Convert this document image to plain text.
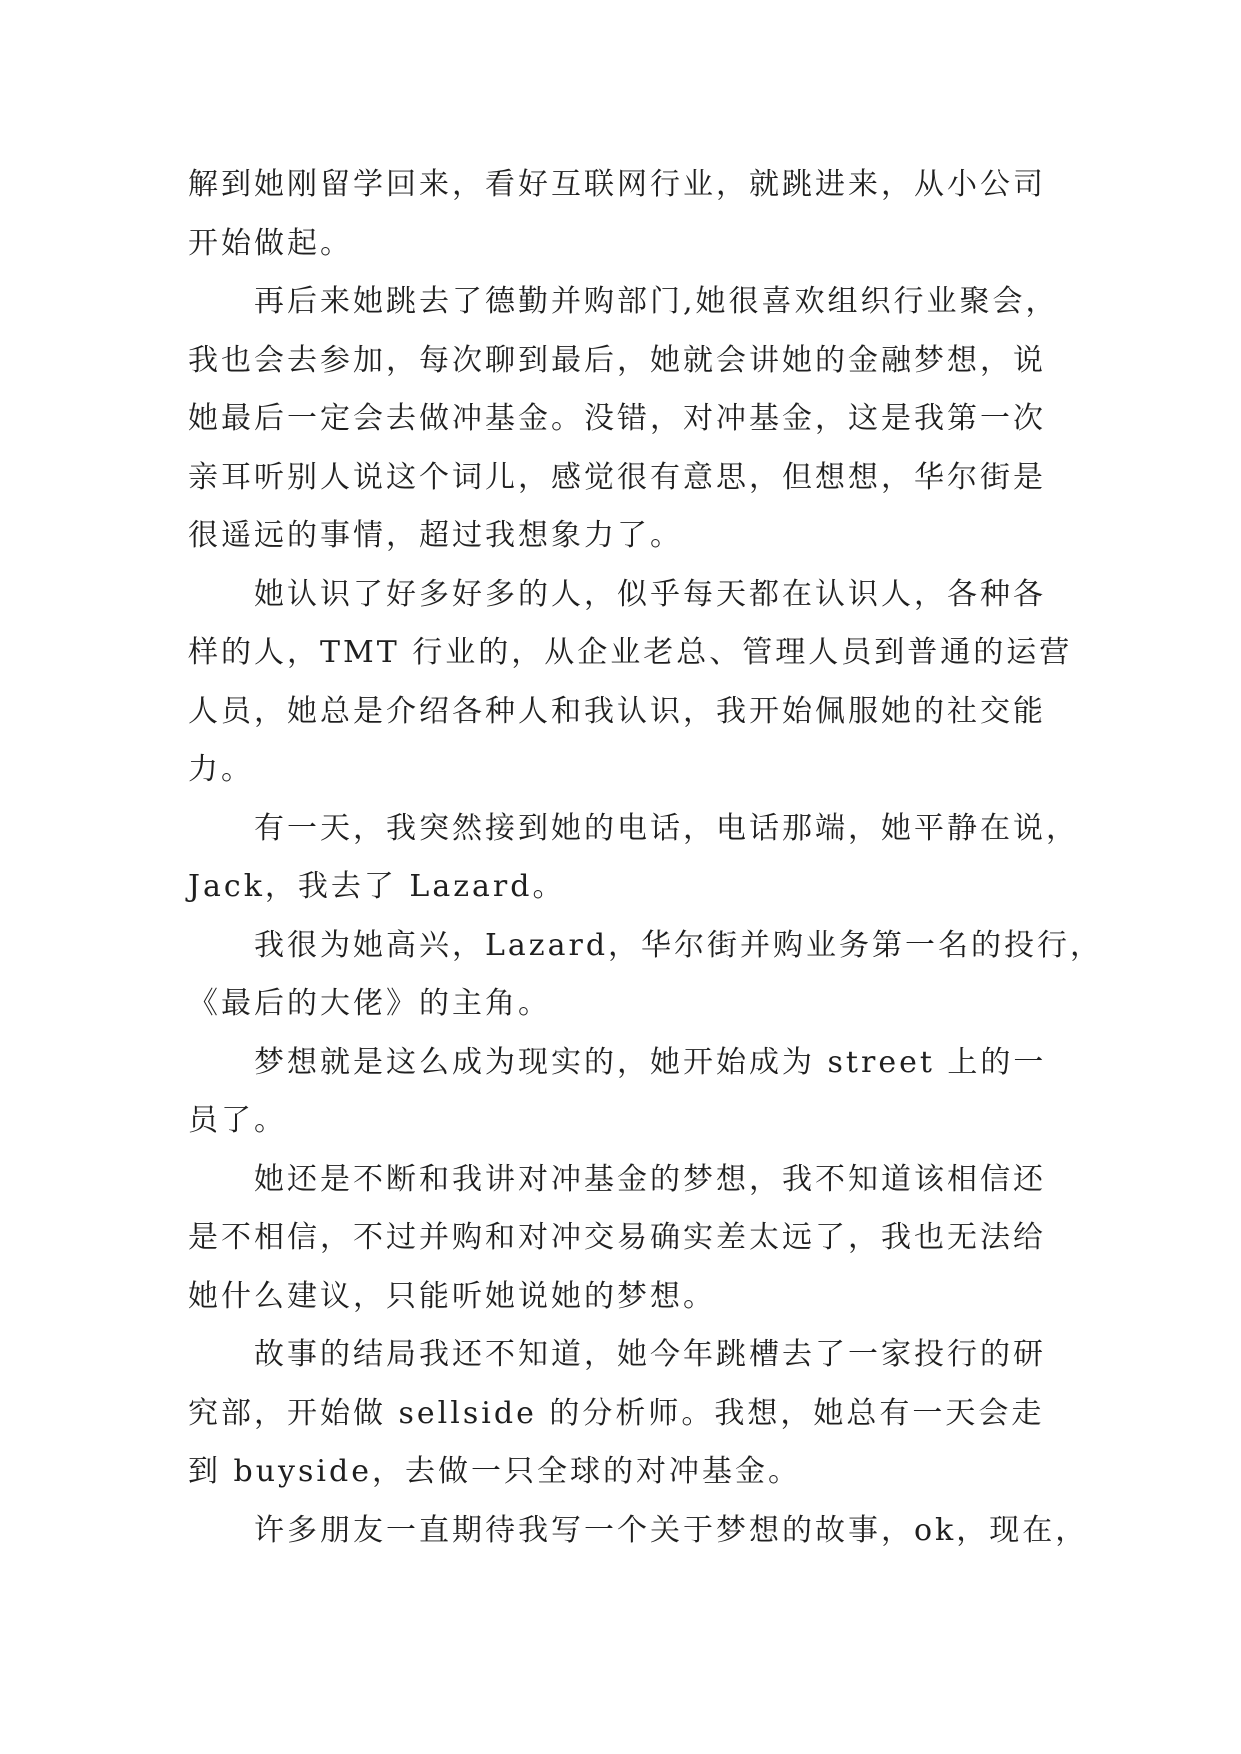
解到她刚留学回来，看好互联网行业，就跳进来，从小公司
开始做起。
再后来她跳去了德勤并购部门,她很喜欢组织行业聚会，
我也会去参加，每次聊到最后，她就会讲她的金融梦想，说
她最后一定会去做冲基金。没错，对冲基金，这是我第一次
亲耳听别人说这个词儿，感觉很有意思，但想想，华尔街是
很遥远的事情，超过我想象力了。
她认识了好多好多的人，似乎每天都在认识人，各种各
样的人，TMT 行业的，从企业老总、管理人员到普通的运营
人员，她总是介绍各种人和我认识，我开始佩服她的社交能
力。
有一天，我突然接到她的电话，电话那端，她平静在说，
Jack，我去了 Lazard。
我很为她高兴，Lazard，华尔街并购业务第一名的投行，
《最后的大佬》的主角。
梦想就是这么成为现实的，她开始成为 street 上的一
员了。
她还是不断和我讲对冲基金的梦想，我不知道该相信还
是不相信，不过并购和对冲交易确实差太远了，我也无法给
她什么建议，只能听她说她的梦想。
故事的结局我还不知道，她今年跳槽去了一家投行的研
究部，开始做 sellside 的分析师。我想，她总有一天会走
到 buyside，去做一只全球的对冲基金。
许多朋友一直期待我写一个关于梦想的故事，ok，现在，
